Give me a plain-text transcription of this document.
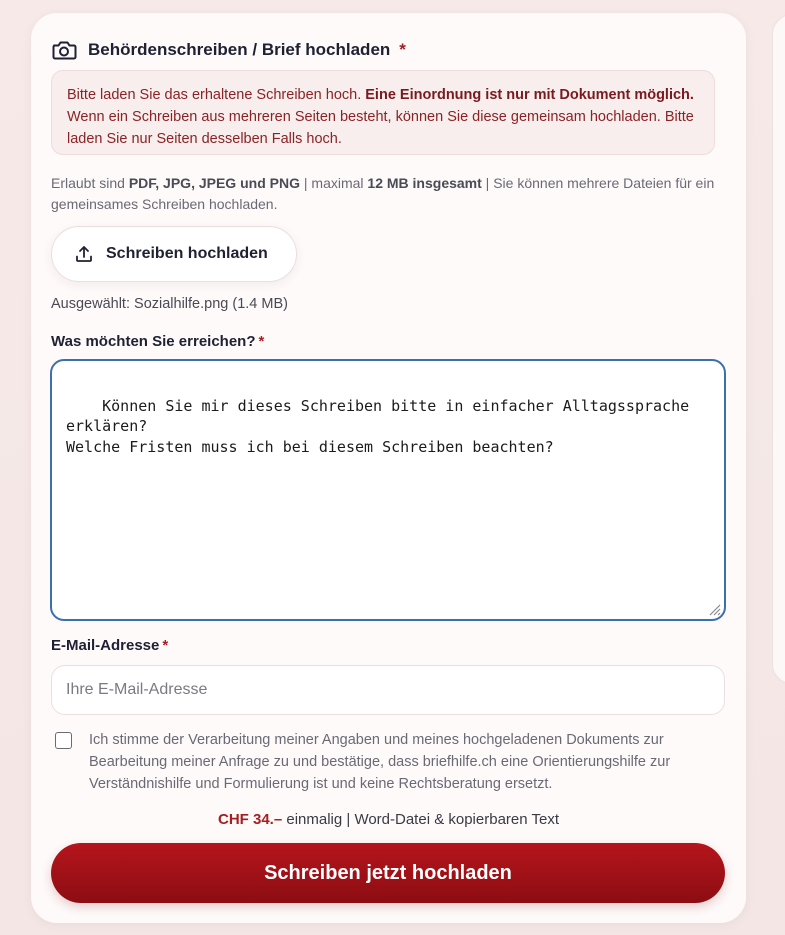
Behördenschreiben / Brief hochladen *
Bitte laden Sie das erhaltene Schreiben hoch. Eine Einordnung ist nur mit Dokument möglich. Wenn ein Schreiben aus mehreren Seiten besteht, können Sie diese gemeinsam hochladen. Bitte laden Sie nur Seiten desselben Falls hoch.
Erlaubt sind PDF, JPG, JPEG und PNG | maximal 12 MB insgesamt | Sie können mehrere Dateien für ein gemeinsames Schreiben hochladen.
Schreiben hochladen
Ausgewählt: Sozialhilfe.png (1.4 MB)
Was möchten Sie erreichen? *

Können Sie mir dieses Schreiben bitte in einfacher Alltagssprache erklären?
Welche Fristen muss ich bei diesem Schreiben beachten?

E-Mail-Adresse *
Ihre E-Mail-Adresse
Ich stimme der Verarbeitung meiner Angaben und meines hochgeladenen Dokuments zur Bearbeitung meiner Anfrage zu und bestätige, dass briefhilfe.ch eine Orientierungshilfe zur Verständnishilfe und Formulierung ist und keine Rechtsberatung ersetzt.
CHF 34.– einmalig | Word-Datei & kopierbaren Text
Schreiben jetzt hochladen
